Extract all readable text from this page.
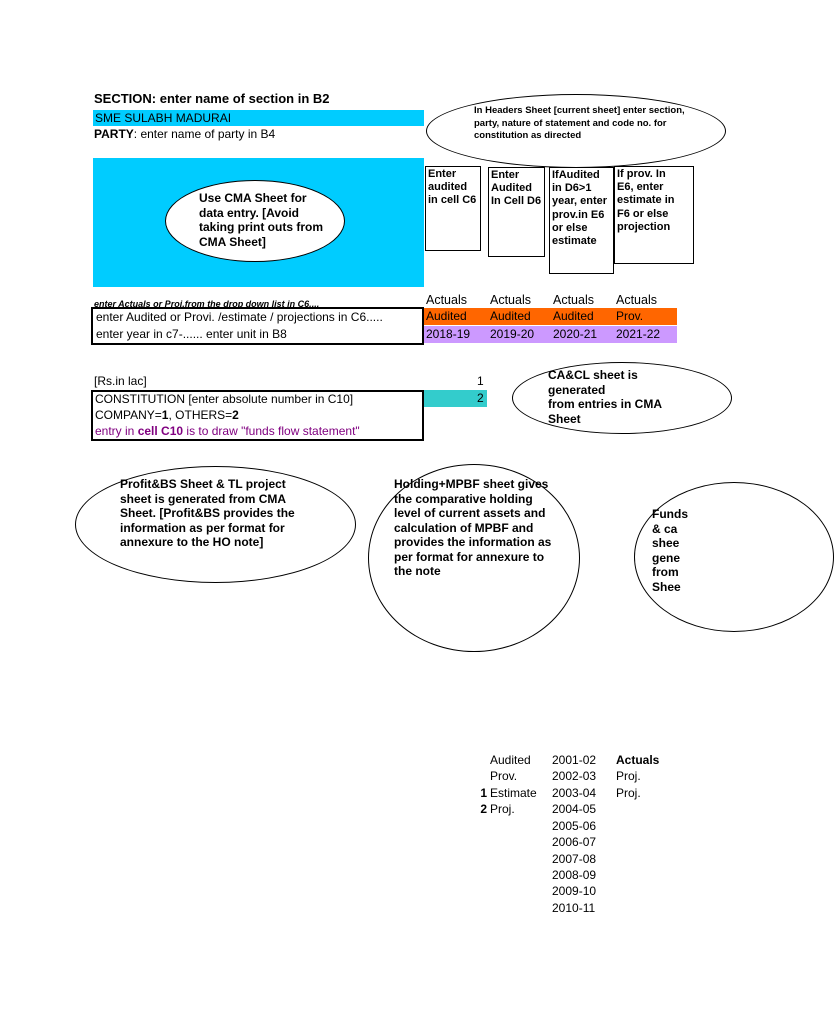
SECTION: enter name of section in B2
SME SULABH MADURAI
PARTY: enter name of party in B4
In Headers Sheet [current sheet] enter section, party, nature of statement and code no. for constitution as directed
Use CMA Sheet for
data entry. [Avoid
taking print outs from
CMA Sheet]
Enter
audited
in cell C6
Enter
Audited
In Cell D6
IfAudited
in D6>1
year, enter
prov.in E6
or else
estimate
If prov. In
E6, enter
estimate in
F6 or else
projection
enter Actuals or Proj.from the drop down list in C6....	Actuals Actuals Actuals Actuals
enter Audited or Provi. /estimate / projections in C6.....
enter year in c7-...... enter unit in B8
Audited Audited Audited Prov.
2018-19 2019-20 2020-21 2021-22
[Rs.in lac]	1
CONSTITUTION [enter absolute number in C10]
COMPANY=1, OTHERS=2
entry in cell C10 is to draw "funds flow statement"
2
CA&CL sheet is generated
from entries in CMA Sheet
Profit&BS Sheet & TL project
sheet is generated from CMA
Sheet. [Profit&BS provides the
information as per format for
annexure to the HO note]
Holding+MPBF sheet gives
the comparative holding
level of current assets and
calculation of MPBF and
provides the information as
per format for annexure to
the note
Funds
& ca
shee
gene
from
Shee
Audited
Prov.
1 Estimate
2 Proj.
2001-02
2002-03
2003-04
2004-05
2005-06
2006-07
2007-08
2008-09
2009-10
2010-11
Actuals
Proj.
Proj.
